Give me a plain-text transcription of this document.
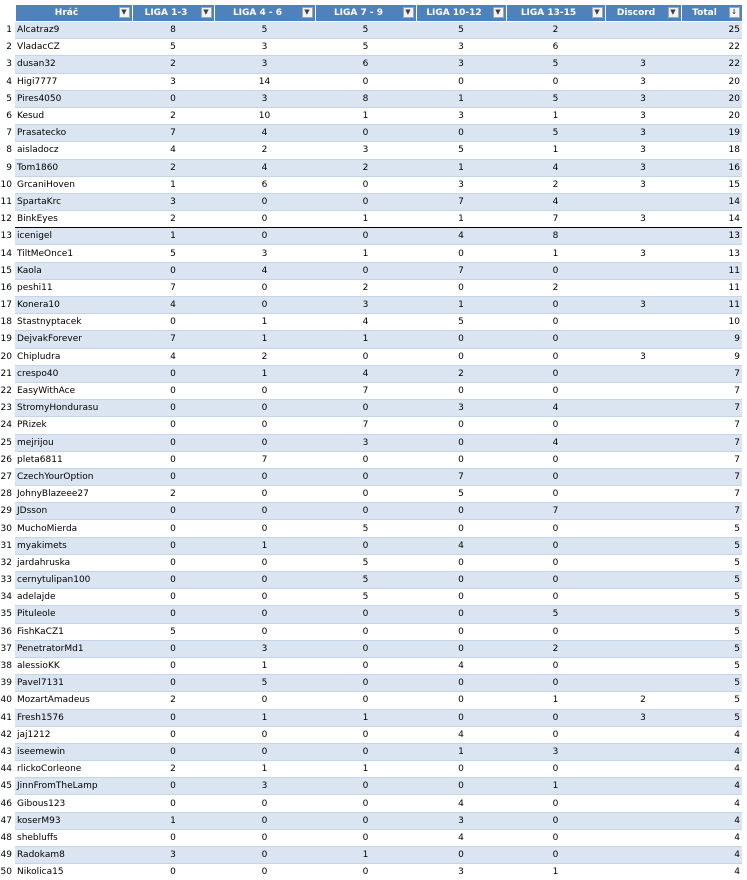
	Hráč ▼	LIGA 1-3 ▼	LIGA 4 - 6 ▼	LIGA 7 - 9 ▼	LIGA 10-12 ▼	LIGA 13-15 ▼	Discord ▼	Total ↓

1	Alcatraz9	8	5	5	5	2		25
2	VladacCZ	5	3	5	3	6		22
3	dusan32	2	3	6	3	5	3	22
4	Higi7777	3	14	0	0	0	3	20
5	Pires4050	0	3	8	1	5	3	20
6	Kesud	2	10	1	3	1	3	20
7	Prasatecko	7	4	0	0	5	3	19
8	aisladocz	4	2	3	5	1	3	18
9	Tom1860	2	4	2	1	4	3	16
10	GrcaniHoven	1	6	0	3	2	3	15
11	SpartaKrc	3	0	0	7	4		14
12	BinkEyes	2	0	1	1	7	3	14
13	icenigel	1	0	0	4	8		13
14	TiltMeOnce1	5	3	1	0	1	3	13
15	Kaola	0	4	0	7	0		11
16	peshi11	7	0	2	0	2		11
17	Konera10	4	0	3	1	0	3	11
18	Stastnyptacek	0	1	4	5	0		10
19	DejvakForever	7	1	1	0	0		9
20	Chipludra	4	2	0	0	0	3	9
21	crespo40	0	1	4	2	0		7
22	EasyWithAce	0	0	7	0	0		7
23	StromyHondurasu	0	0	0	3	4		7
24	PRizek	0	0	7	0	0		7
25	mejrijou	0	0	3	0	4		7
26	pleta6811	0	7	0	0	0		7
27	CzechYourOption	0	0	0	7	0		7
28	JohnyBlazeee27	2	0	0	5	0		7
29	JDsson	0	0	0	0	7		7
30	MuchoMierda	0	0	5	0	0		5
31	myakimets	0	1	0	4	0		5
32	jardahruska	0	0	5	0	0		5
33	cernytulipan100	0	0	5	0	0		5
34	adelajde	0	0	5	0	0		5
35	Pituleole	0	0	0	0	5		5
36	FishKaCZ1	5	0	0	0	0		5
37	PenetratorMd1	0	3	0	0	2		5
38	alessioKK	0	1	0	4	0		5
39	Pavel7131	0	5	0	0	0		5
40	MozartAmadeus	2	0	0	0	1	2	5
41	Fresh1576	0	1	1	0	0	3	5
42	jaj1212	0	0	0	4	0		4
43	iseemewin	0	0	0	1	3		4
44	rlickoCorleone	2	1	1	0	0		4
45	JinnFromTheLamp	0	3	0	0	1		4
46	Gibous123	0	0	0	4	0		4
47	koserM93	1	0	0	3	0		4
48	shebluffs	0	0	0	4	0		4
49	Radokam8	3	0	1	0	0		4
50	Nikolica15	0	0	0	3	1		4
